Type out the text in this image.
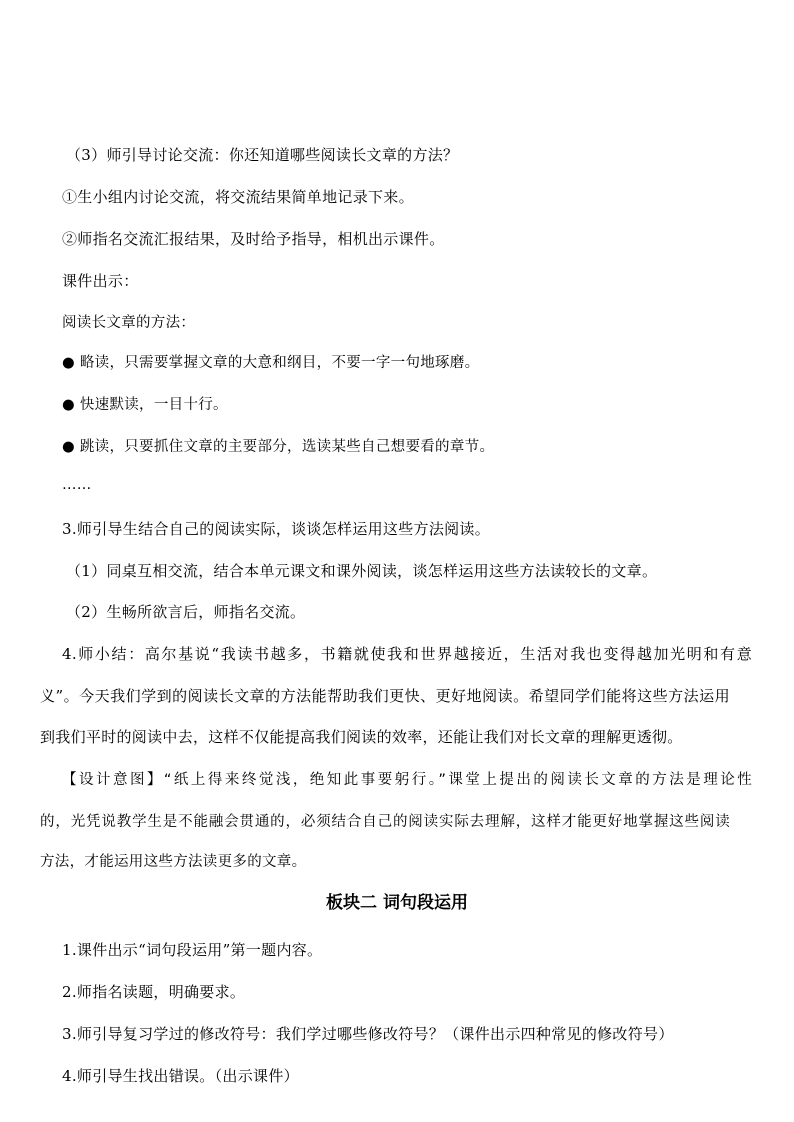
（3）师引导讨论交流：你还知道哪些阅读长文章的方法？
①生小组内讨论交流，将交流结果简单地记录下来。
②师指名交流汇报结果，及时给予指导，相机出示课件。
课件出示：
阅读长文章的方法：
● 略读，只需要掌握文章的大意和纲目，不要一字一句地琢磨。
● 快速默读，一目十行。
● 跳读，只要抓住文章的主要部分，选读某些自己想要看的章节。
……
3.师引导生结合自己的阅读实际，谈谈怎样运用这些方法阅读。
（1）同桌互相交流，结合本单元课文和课外阅读，谈怎样运用这些方法读较长的文章。
（2）生畅所欲言后，师指名交流。
4.师小结：高尔基说“我读书越多，书籍就使我和世界越接近，生活对我也变得越加光明和有意
义”。今天我们学到的阅读长文章的方法能帮助我们更快、更好地阅读。希望同学们能将这些方法运用
到我们平时的阅读中去，这样不仅能提高我们阅读的效率，还能让我们对长文章的理解更透彻。
【设计意图】“纸上得来终觉浅，绝知此事要躬行。”课堂上提出的阅读长文章的方法是理论性
的，光凭说教学生是不能融会贯通的，必须结合自己的阅读实际去理解，这样才能更好地掌握这些阅读
方法，才能运用这些方法读更多的文章。
板块二 词句段运用
1.课件出示“词句段运用”第一题内容。
2.师指名读题，明确要求。
3.师引导复习学过的修改符号：我们学过哪些修改符号？（课件出示四种常见的修改符号）
4.师引导生找出错误。（出示课件）
